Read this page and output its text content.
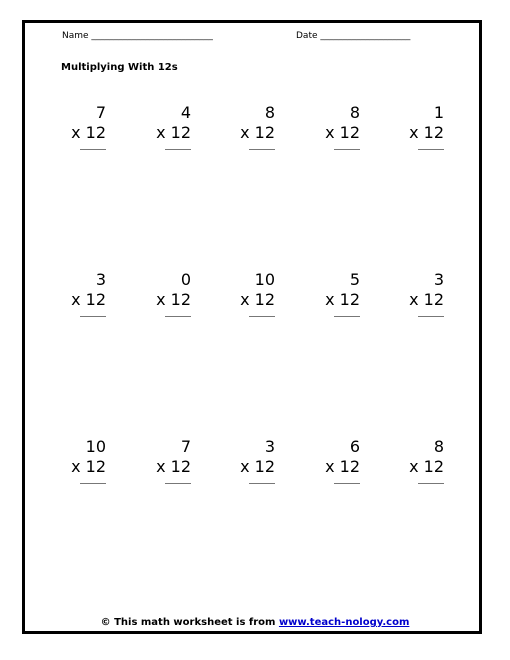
Name ___________________________	Date ____________________
Multiplying With 12s
7
x 12
4
x 12
8
x 12
8
x 12
1
x 12
3
x 12
0
x 12
10
x 12
5
x 12
3
x 12
10
x 12
7
x 12
3
x 12
6
x 12
8
x 12
© This math worksheet is from www.teach-nology.com
